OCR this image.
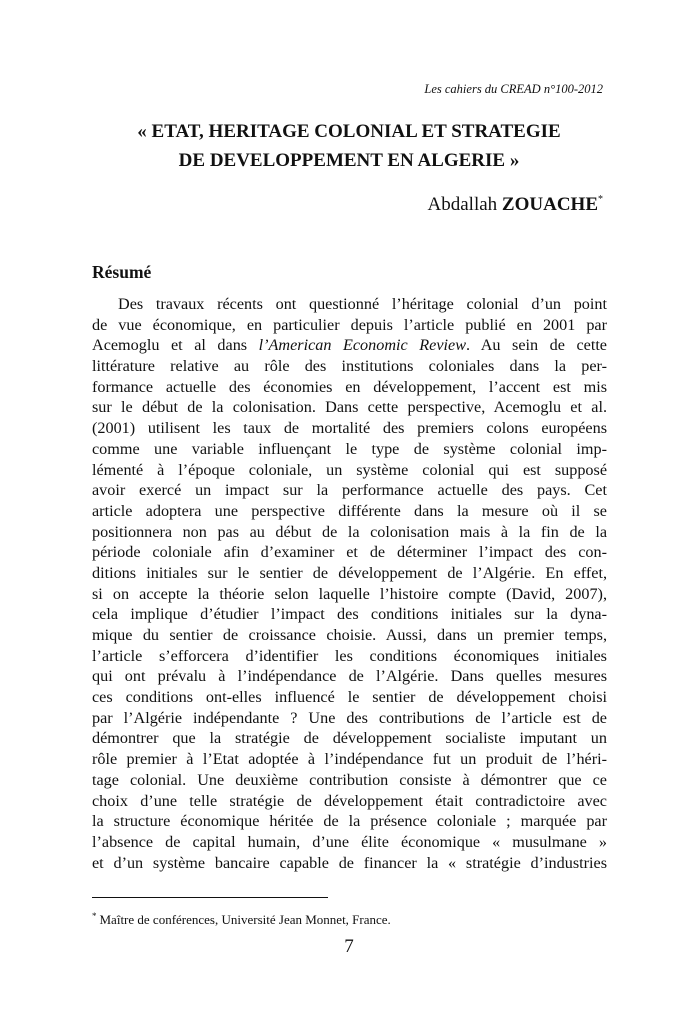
Les cahiers du CREAD n°100-2012
« ETAT, HERITAGE COLONIAL ET STRATEGIE
DE DEVELOPPEMENT EN ALGERIE »
Abdallah ZOUACHE*
Résumé

Des travaux récents ont questionné l’héritage colonial d’un point
de vue économique, en particulier depuis l’article publié en 2001 par
Acemoglu et al dans l’American Economic Review. Au sein de cette
littérature relative au rôle des institutions coloniales dans la per-
formance actuelle des économies en développement, l’accent est mis
sur le début de la colonisation. Dans cette perspective, Acemoglu et al.
(2001) utilisent les taux de mortalité des premiers colons européens
comme une variable influençant le type de système colonial imp-
lémenté à l’époque coloniale, un système colonial qui est supposé
avoir exercé un impact sur la performance actuelle des pays. Cet
article adoptera une perspective différente dans la mesure où il se
positionnera non pas au début de la colonisation mais à la fin de la
période coloniale afin d’examiner et de déterminer l’impact des con-
ditions initiales sur le sentier de développement de l’Algérie. En effet,
si on accepte la théorie selon laquelle l’histoire compte (David, 2007),
cela implique d’étudier l’impact des conditions initiales sur la dyna-
mique du sentier de croissance choisie. Aussi, dans un premier temps,
l’article s’efforcera d’identifier les conditions économiques initiales
qui ont prévalu à l’indépendance de l’Algérie. Dans quelles mesures
ces conditions ont-elles influencé le sentier de développement choisi
par l’Algérie indépendante ? Une des contributions de l’article est de
démontrer que la stratégie de développement socialiste imputant un
rôle premier à l’Etat adoptée à l’indépendance fut un produit de l’héri-
tage colonial. Une deuxième contribution consiste à démontrer que ce
choix d’une telle stratégie de développement était contradictoire avec
la structure économique héritée de la présence coloniale ; marquée par
l’absence de capital humain, d’une élite économique « musulmane »
et d’un système bancaire capable de financer la « stratégie d’industries

* Maître de conférences, Université Jean Monnet, France.
7
